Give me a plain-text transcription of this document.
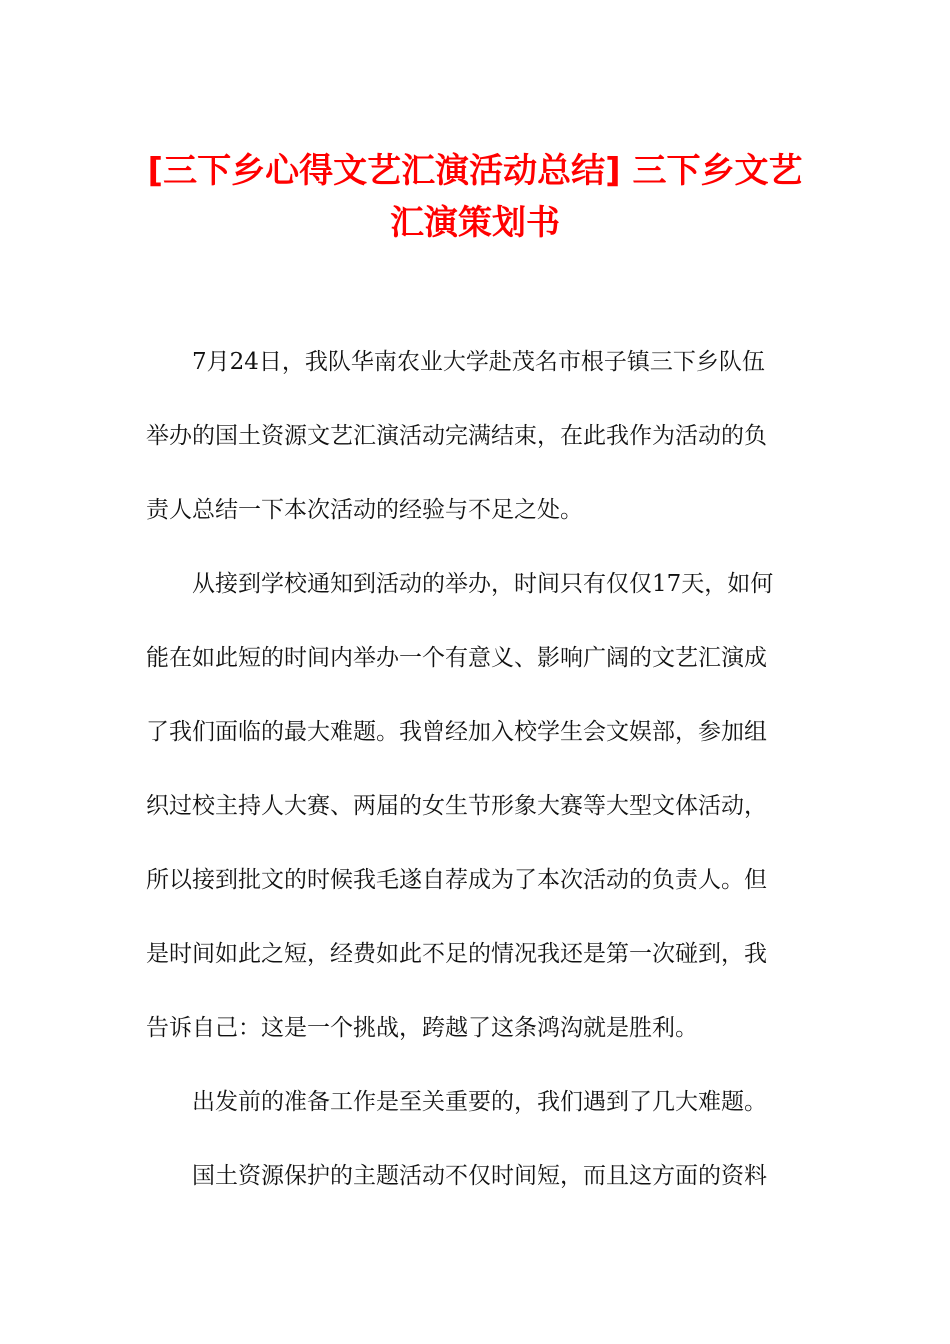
[三下乡心得文艺汇演活动总结] 三下乡文艺
汇演策划书
7月24日，我队华南农业大学赴茂名市根子镇三下乡队伍
举办的国土资源文艺汇演活动完满结束，在此我作为活动的负
责人总结一下本次活动的经验与不足之处。
从接到学校通知到活动的举办，时间只有仅仅17天，如何
能在如此短的时间内举办一个有意义、影响广阔的文艺汇演成
了我们面临的最大难题。我曾经加入校学生会文娱部，参加组
织过校主持人大赛、两届的女生节形象大赛等大型文体活动，
所以接到批文的时候我毛遂自荐成为了本次活动的负责人。但
是时间如此之短，经费如此不足的情况我还是第一次碰到，我
告诉自己：这是一个挑战，跨越了这条鸿沟就是胜利。
出发前的准备工作是至关重要的，我们遇到了几大难题。
国土资源保护的主题活动不仅时间短，而且这方面的资料
